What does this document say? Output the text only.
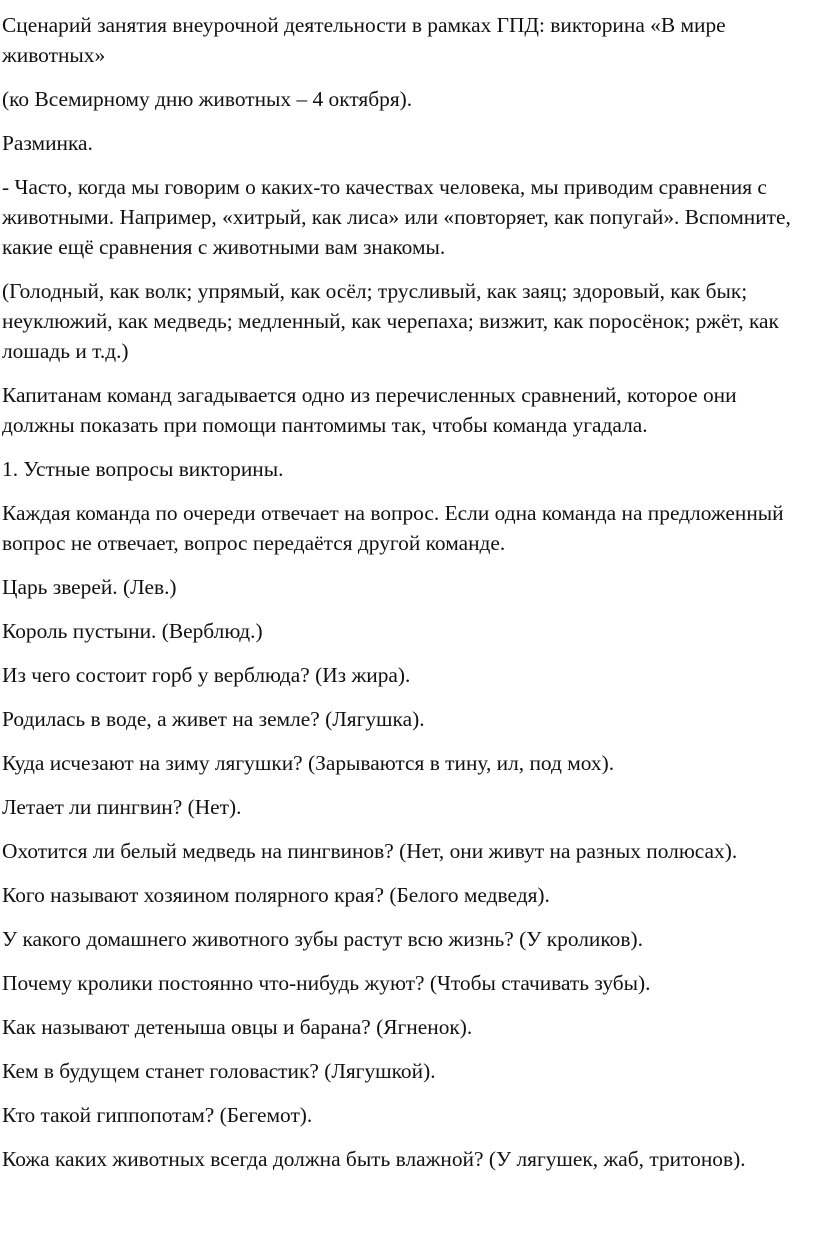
Сценарий занятия внеурочной деятельности в рамках ГПД: викторина «В мире животных»

(ко Всемирному дню животных – 4 октября).

Разминка.

- Часто, когда мы говорим о каких-то качествах человека, мы приводим сравнения с животными. Например, «хитрый, как лиса» или «повторяет, как попугай». Вспомните, какие ещё сравнения с животными вам знакомы.

(Голодный, как волк; упрямый, как осёл; трусливый, как заяц; здоровый, как бык; неуклюжий, как медведь; медленный, как черепаха; визжит, как поросёнок; ржёт, как лошадь и т.д.)

Капитанам команд загадывается одно из перечисленных сравнений, которое они должны показать при помощи пантомимы так, чтобы команда угадала.

1. Устные вопросы викторины.

Каждая команда по очереди отвечает на вопрос. Если одна команда на предложенный вопрос не отвечает, вопрос передаётся другой команде.

Царь зверей. (Лев.)

Король пустыни. (Верблюд.)

Из чего состоит горб у верблюда? (Из жира).

Родилась в воде, а живет на земле? (Лягушка).

Куда исчезают на зиму лягушки? (Зарываются в тину, ил, под мох).

Летает ли пингвин? (Нет).

Охотится ли белый медведь на пингвинов? (Нет, они живут на разных полюсах).

Кого называют хозяином полярного края? (Белого медведя).

У какого домашнего животного зубы растут всю жизнь? (У кроликов).

Почему кролики постоянно что-нибудь жуют? (Чтобы стачивать зубы).

Как называют детеныша овцы и барана? (Ягненок).

Кем в будущем станет головастик? (Лягушкой).

Кто такой гиппопотам? (Бегемот).

Кожа каких животных всегда должна быть влажной? (У лягушек, жаб, тритонов).
